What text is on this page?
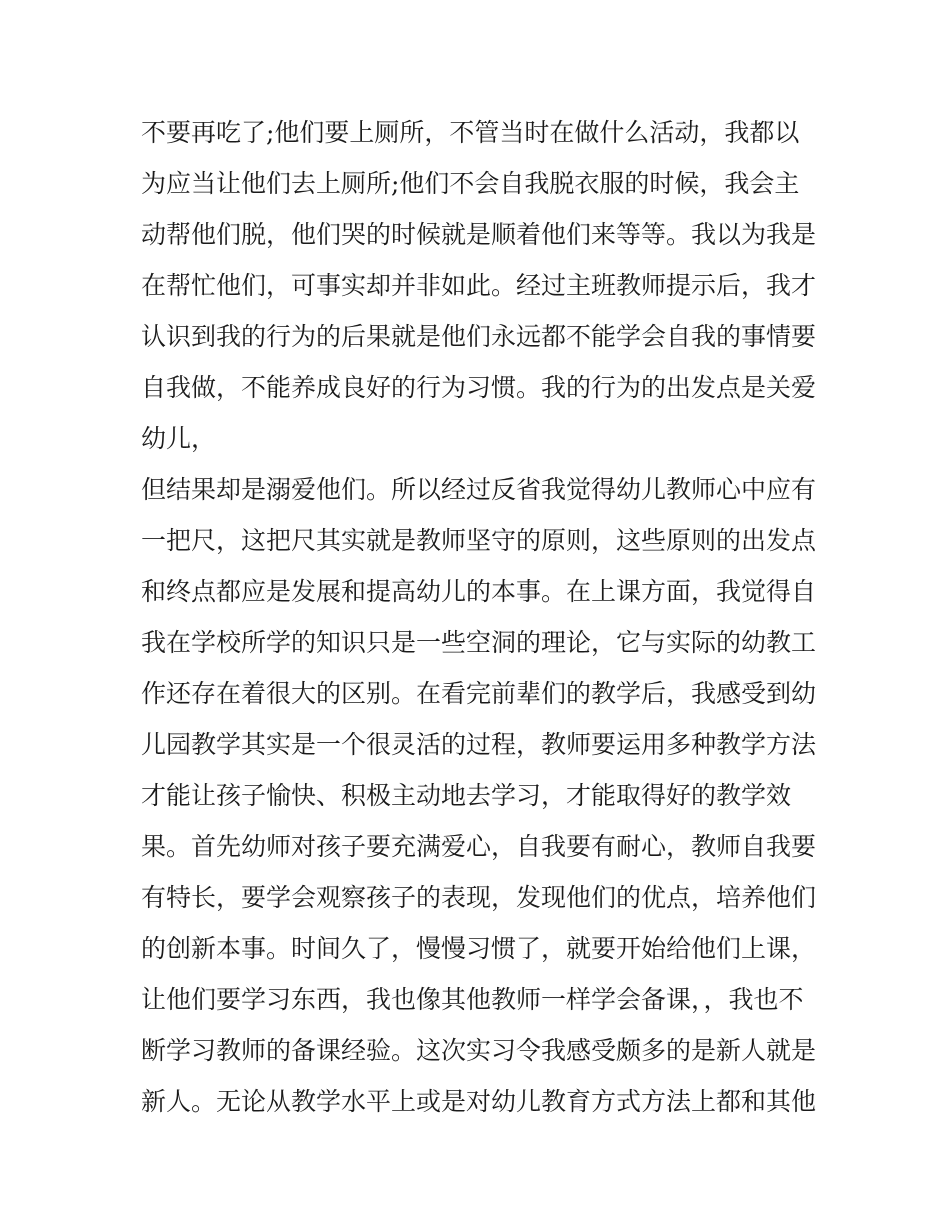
不要再吃了;他们要上厕所，不管当时在做什么活动，我都以
为应当让他们去上厕所;他们不会自我脱衣服的时候，我会主
动帮他们脱，他们哭的时候就是顺着他们来等等。我以为我是
在帮忙他们，可事实却并非如此。经过主班教师提示后，我才
认识到我的行为的后果就是他们永远都不能学会自我的事情要
自我做，不能养成良好的行为习惯。我的行为的出发点是关爱
幼儿，
但结果却是溺爱他们。所以经过反省我觉得幼儿教师心中应有
一把尺，这把尺其实就是教师坚守的原则，这些原则的出发点
和终点都应是发展和提高幼儿的本事。在上课方面，我觉得自
我在学校所学的知识只是一些空洞的理论，它与实际的幼教工
作还存在着很大的区别。在看完前辈们的教学后，我感受到幼
儿园教学其实是一个很灵活的过程，教师要运用多种教学方法
才能让孩子愉快、积极主动地去学习，才能取得好的教学效
果。首先幼师对孩子要充满爱心，自我要有耐心，教师自我要
有特长，要学会观察孩子的表现，发现他们的优点，培养他们
的创新本事。时间久了，慢慢习惯了，就要开始给他们上课，
让他们要学习东西，我也像其他教师一样学会备课，，我也不
断学习教师的备课经验。这次实习令我感受颇多的是新人就是
新人。无论从教学水平上或是对幼儿教育方式方法上都和其他
